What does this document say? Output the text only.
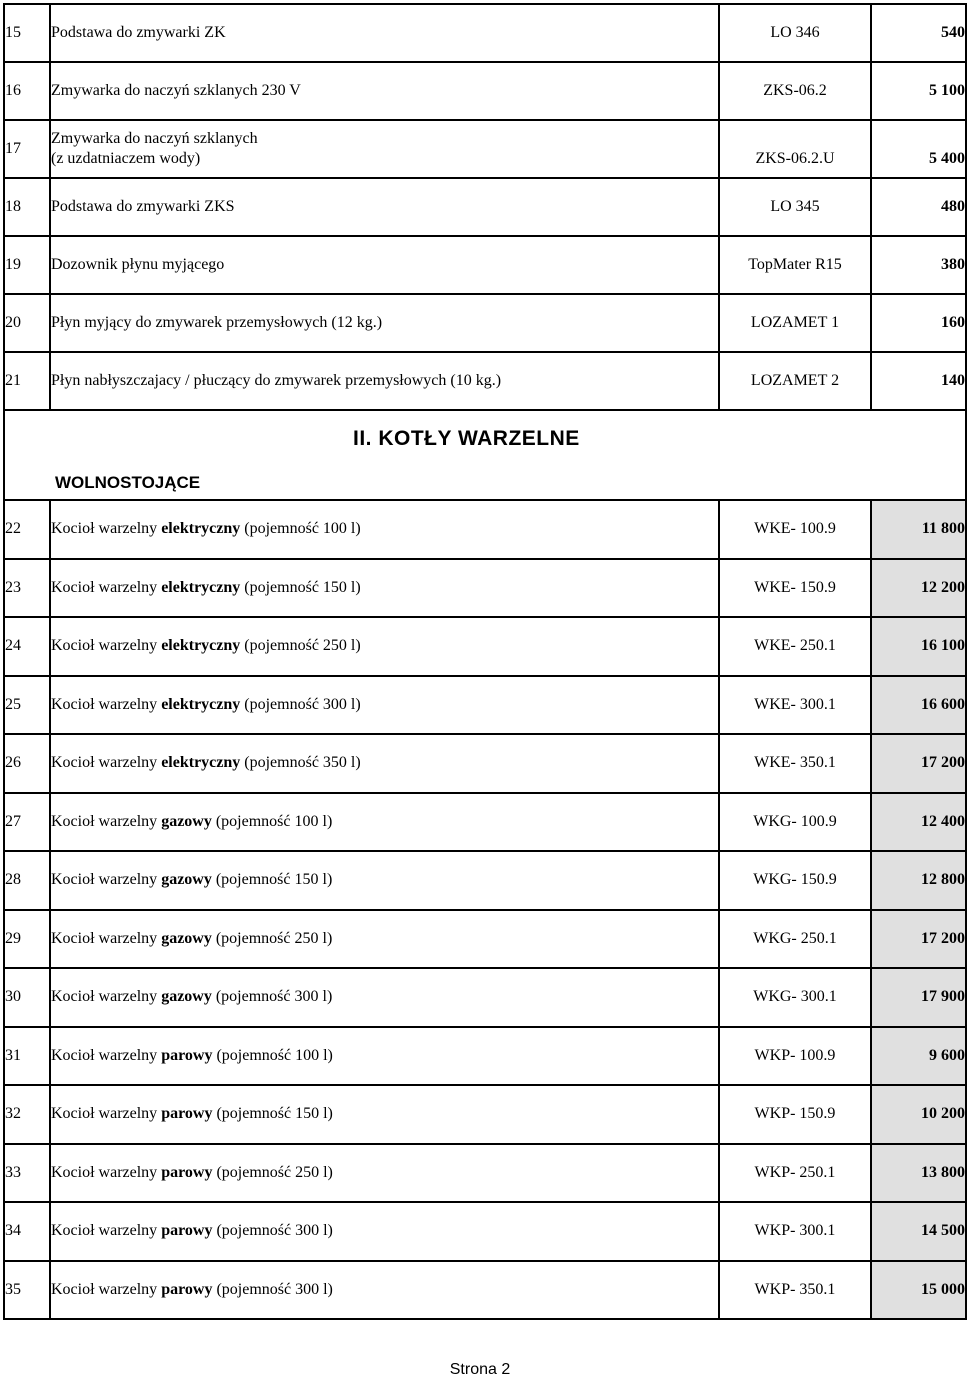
15	Podstawa do zmywarki ZK	LO 346	540
16	Zmywarka do naczyń szklanych 230 V	ZKS-06.2	5 100
17	Zmywarka do naczyń szklanych
(z uzdatniaczem wody)	ZKS-06.2.U	5 400
18	Podstawa do zmywarki ZKS	LO 345	480
19	Dozownik płynu myjącego	TopMater R15	380
20	Płyn myjący do zmywarek przemysłowych (12 kg.)	LOZAMET 1	160
21	Płyn nabłyszczajacy / płuczący do zmywarek przemysłowych (10 kg.)	LOZAMET 2	140

II. KOTŁY WARZELNE
WOLNOSTOJĄCE			

22	Kocioł warzelny elektryczny (pojemność 100 l)	WKE- 100.9	11 800
23	Kocioł warzelny elektryczny (pojemność 150 l)	WKE- 150.9	12 200
24	Kocioł warzelny elektryczny (pojemność 250 l)	WKE- 250.1	16 100
25	Kocioł warzelny elektryczny (pojemność 300 l)	WKE- 300.1	16 600
26	Kocioł warzelny elektryczny (pojemność 350 l)	WKE- 350.1	17 200
27	Kocioł warzelny gazowy (pojemność 100 l)	WKG- 100.9	12 400
28	Kocioł warzelny gazowy (pojemność 150 l)	WKG- 150.9	12 800
29	Kocioł warzelny gazowy (pojemność 250 l)	WKG- 250.1	17 200
30	Kocioł warzelny gazowy (pojemność 300 l)	WKG- 300.1	17 900
31	Kocioł warzelny parowy (pojemność 100 l)	WKP- 100.9	9 600
32	Kocioł warzelny parowy (pojemność 150 l)	WKP- 150.9	10 200
33	Kocioł warzelny parowy (pojemność 250 l)	WKP- 250.1	13 800
34	Kocioł warzelny parowy (pojemność 300 l)	WKP- 300.1	14 500
35	Kocioł warzelny parowy (pojemność 300 l)	WKP- 350.1	15 000
Strona 2
